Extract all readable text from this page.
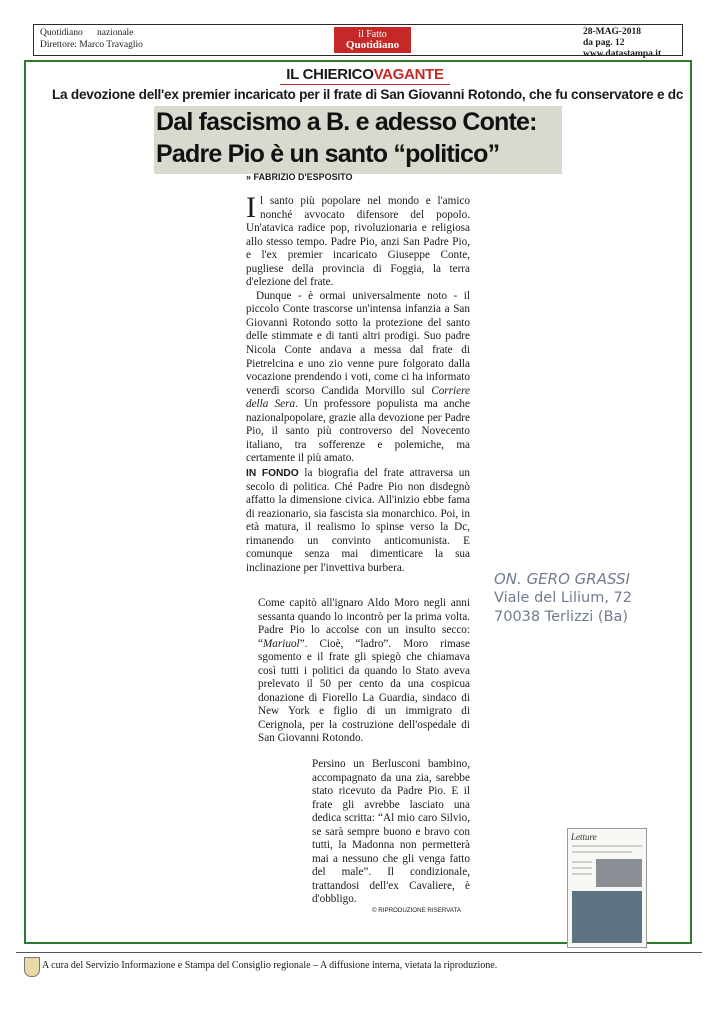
Quotidiano      nazionale
Direttore: Marco Travaglio
il Fatto
Quotidiano
28-MAG-2018
da pag. 12
www.datastampa.it
IL CHIERICOVAGANTE
La devozione dell'ex premier incaricato per il frate di San Giovanni Rotondo, che fu conservatore e dc
Dal fascismo a B. e adesso Conte:
Padre Pio è un santo “politico”
» FABRIZIO D'ESPOSITO

Il santo più popolare nel mondo e l'amico nonché avvocato difensore del popolo. Un'atavica radice pop, rivoluzionaria e religiosa allo stesso tempo. Padre Pio, anzi San Padre Pio, e l'ex premier incaricato Giuseppe Conte, pugliese della provincia di Foggia, la terra d'elezione del frate.

Dunque - è ormai universalmente noto - il piccolo Conte trascorse un'intensa infanzia a San Giovanni Rotondo sotto la protezione del santo delle stimmate e di tanti altri prodigi. Suo padre Nicola Conte andava a messa dal frate di Pietrelcina e uno zio venne pure folgorato dalla vocazione prendendo i voti, come ci ha informato venerdì scorso Candida Morvillo sul Corriere della Sera. Un professore populista ma anche nazionalpopolare, grazie alla devozione per Padre Pio, il santo più controverso del Novecento italiano, tra sofferenze e polemiche, ma certamente il più amato.

IN FONDO la biografia del frate attraversa un secolo di politica. Ché Padre Pio non disdegnò affatto la dimensione civica. All'inizio ebbe fama di reazionario, sia fascista sia monarchico. Poi, in età matura, il realismo lo spinse verso la Dc, rimanendo un convinto anticomunista. E comunque senza mai dimenticare la sua inclinazione per l'invettiva burbera.

Come capitò all'ignaro Aldo Moro negli anni sessanta quando lo incontrò per la prima volta. Padre Pio lo accolse con un insulto secco: “Mariuol”. Cioè, “ladro”. Moro rimase sgomento e il frate gli spiegò che chiamava così tutti i politici da quando lo Stato aveva prelevato il 50 per cento da una cospicua donazione di Fiorello La Guardia, sindaco di New York e figlio di un immigrato di Cerignola, per la costruzione dell'ospedale di San Giovanni Rotondo.
Persino un Berlusconi bambino, accompagnato da una zia, sarebbe stato ricevuto da Padre Pio. E il frate gli avrebbe lasciato una dedica scritta: “Al mio caro Silvio, se sarà sempre buono e bravo con tutti, la Madonna non permetterà mai a nessuno che gli venga fatto del male”. Il condizionale, trattandosi dell'ex Cavaliere, è d'obbligo.
© RIPRODUZIONE RISERVATA
ON. GERO GRASSI
Viale del Lilium, 72
70038 Terlizzi (Ba)
Letture
A cura del Servizio Informazione e Stampa del Consiglio regionale – A diffusione interna, vietata la riproduzione.
